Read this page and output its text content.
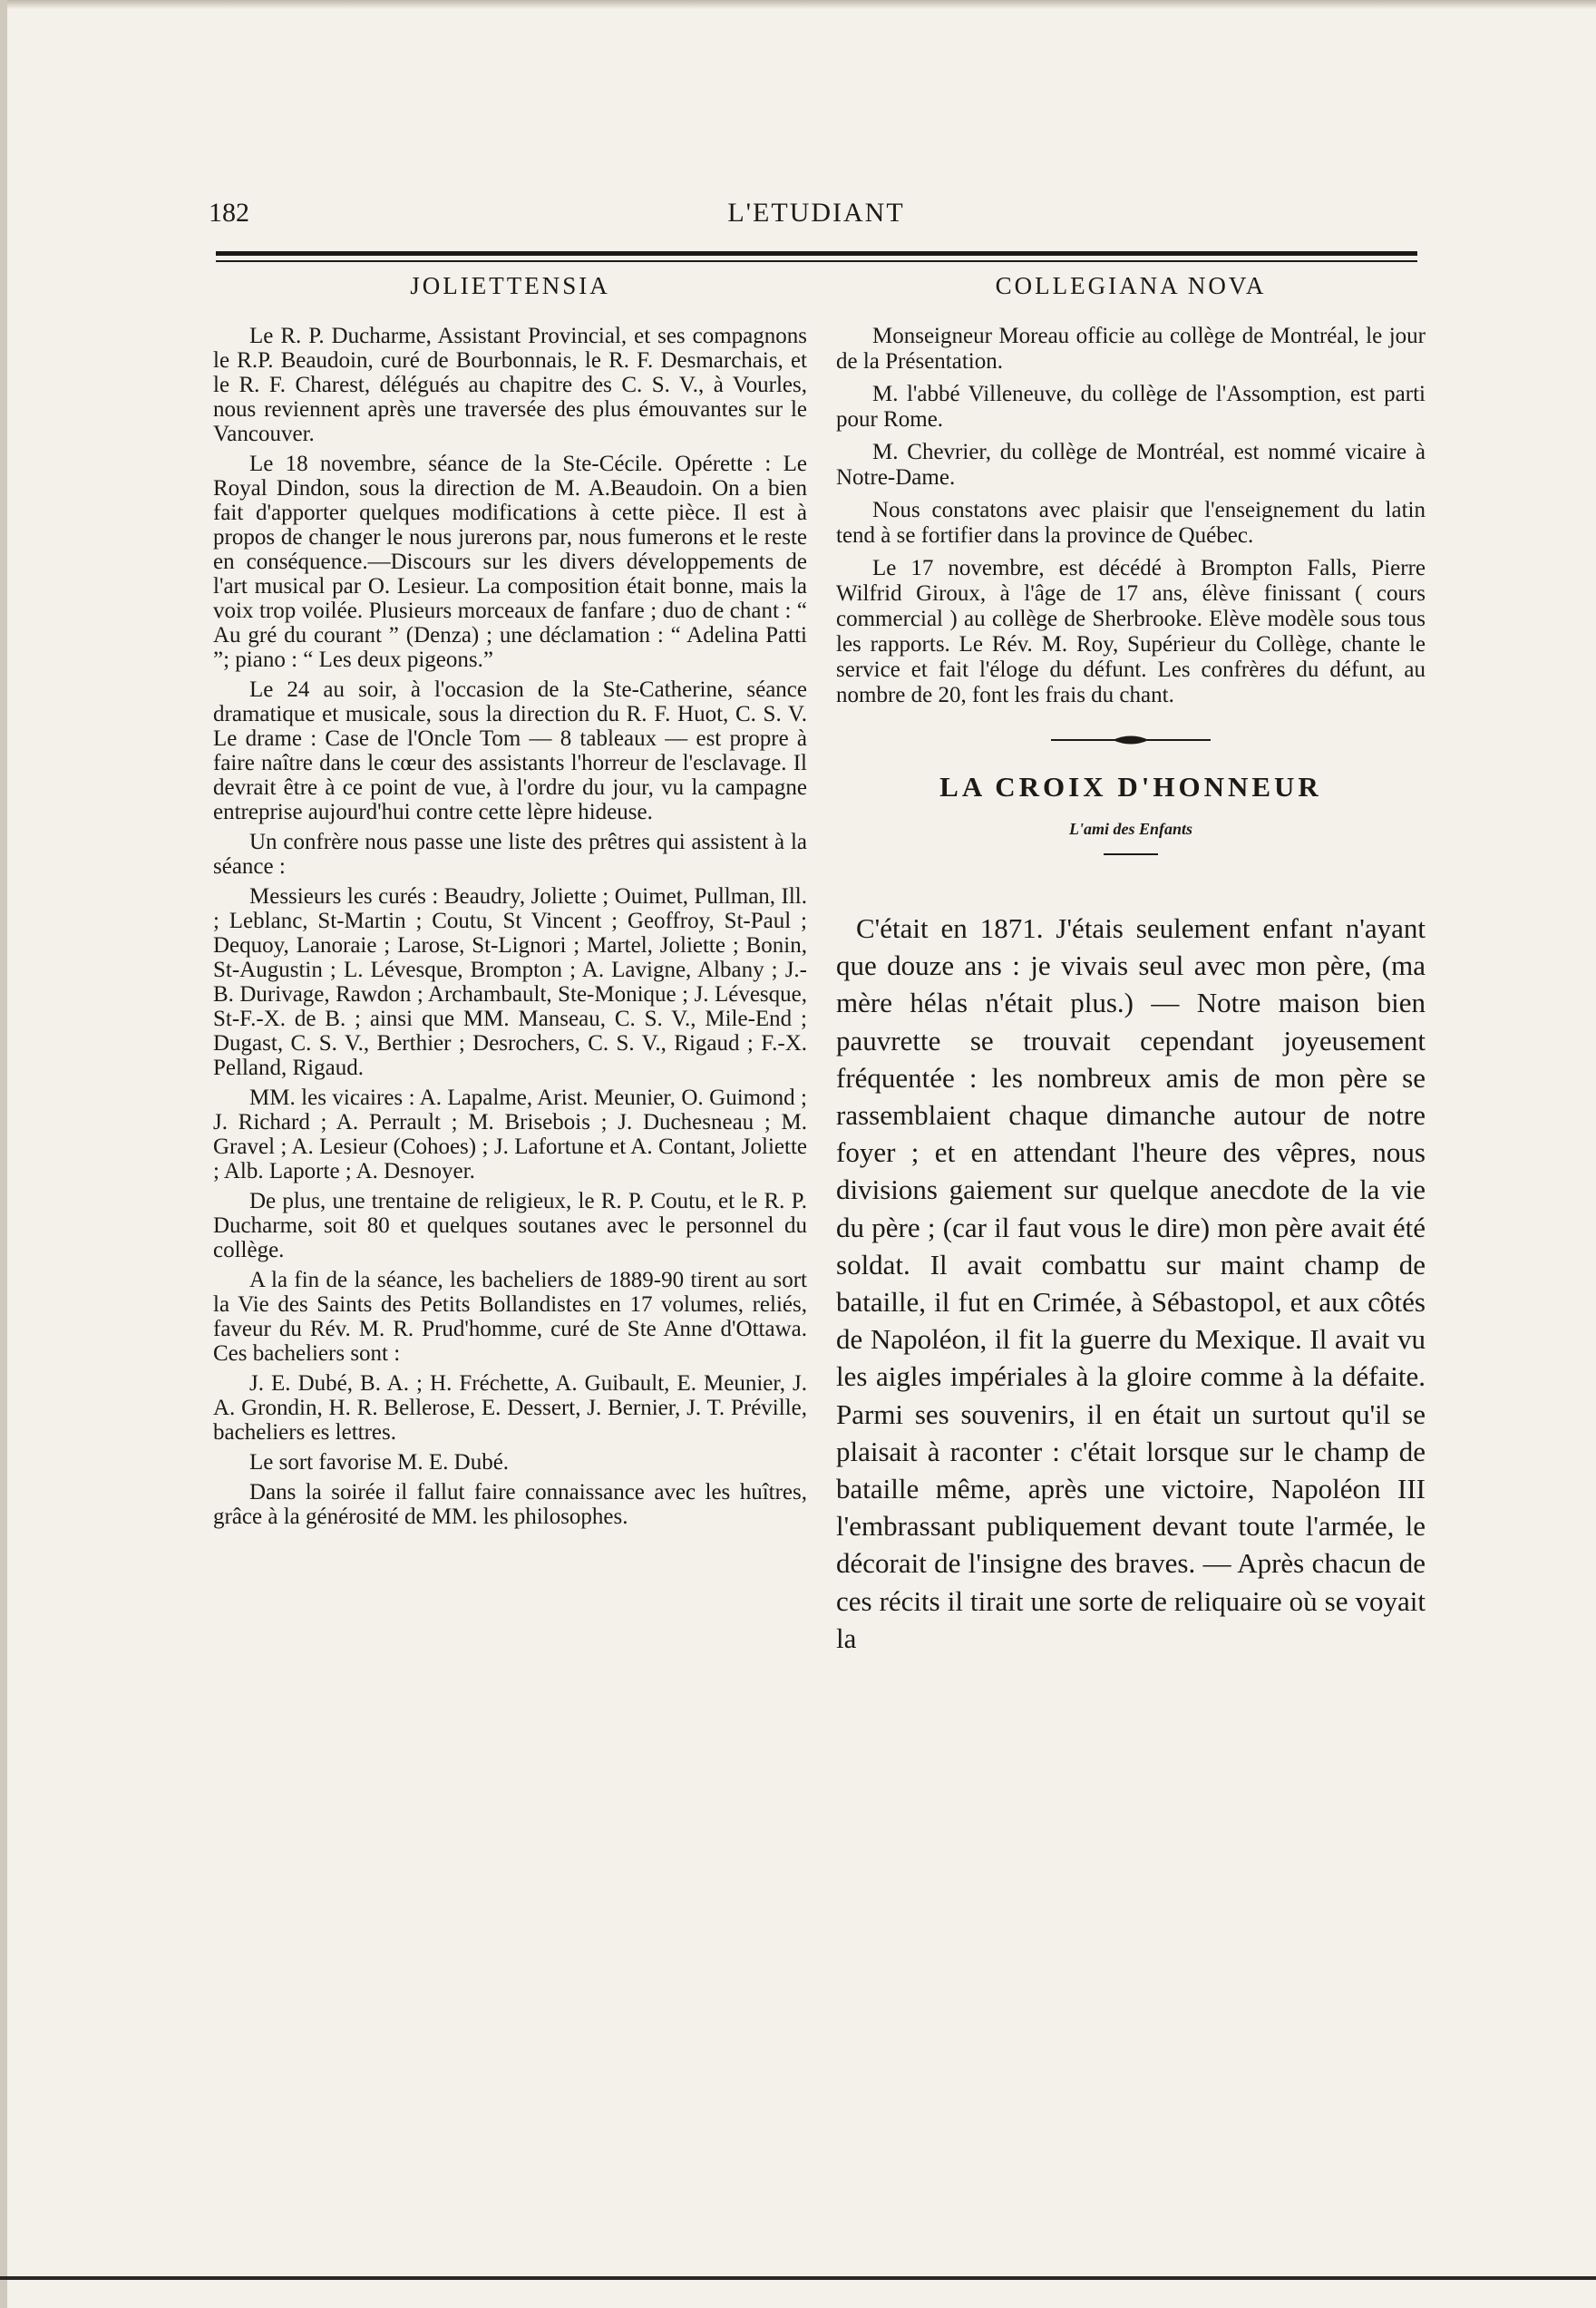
182	L'ETUDIANT
JOLIETTENSIA

Le R. P. Ducharme, Assistant Provincial, et ses compagnons le R.P. Beaudoin, curé de Bourbonnais, le R. F. Desmarchais, et le R. F. Charest, délégués au chapitre des C. S. V., à Vourles, nous reviennent après une traversée des plus émouvantes sur le Vancouver.

Le 18 novembre, séance de la Ste-Cécile. Opérette : Le Royal Dindon, sous la direction de M. A.Beaudoin. On a bien fait d'apporter quelques modifications à cette pièce. Il est à propos de changer le nous jurerons par, nous fumerons et le reste en conséquence.—Discours sur les divers développements de l'art musical par O. Lesieur. La composition était bonne, mais la voix trop voilée. Plusieurs morceaux de fanfare ; duo de chant : “ Au gré du courant ” (Denza) ; une déclamation : “ Adelina Patti ”; piano : “ Les deux pigeons.”

Le 24 au soir, à l'occasion de la Ste-Catherine, séance dramatique et musicale, sous la direction du R. F. Huot, C. S. V. Le drame : Case de l'Oncle Tom — 8 tableaux — est propre à faire naître dans le cœur des assistants l'horreur de l'esclavage. Il devrait être à ce point de vue, à l'ordre du jour, vu la campagne entreprise aujourd'hui contre cette lèpre hideuse.

Un confrère nous passe une liste des prêtres qui assistent à la séance :

Messieurs les curés : Beaudry, Joliette ; Ouimet, Pullman, Ill. ; Leblanc, St-Martin ; Coutu, St Vincent ; Geoffroy, St-Paul ; Dequoy, Lanoraie ; Larose, St-Lignori ; Martel, Joliette ; Bonin, St-Augustin ; L. Lévesque, Brompton ; A. Lavigne, Albany ; J.-B. Durivage, Rawdon ; Archambault, Ste-Monique ; J. Lévesque, St-F.-X. de B. ; ainsi que MM. Manseau, C. S. V., Mile-End ; Dugast, C. S. V., Berthier ; Desrochers, C. S. V., Rigaud ; F.-X. Pelland, Rigaud.

MM. les vicaires : A. Lapalme, Arist. Meunier, O. Guimond ; J. Richard ; A. Perrault ; M. Brisebois ; J. Duchesneau ; M. Gravel ; A. Lesieur (Cohoes) ; J. Lafortune et A. Contant, Joliette ; Alb. Laporte ; A. Desnoyer.

De plus, une trentaine de religieux, le R. P. Coutu, et le R. P. Ducharme, soit 80 et quelques soutanes avec le personnel du collège.

A la fin de la séance, les bacheliers de 1889-90 tirent au sort la Vie des Saints des Petits Bollandistes en 17 volumes, reliés, faveur du Rév. M. R. Prud'homme, curé de Ste Anne d'Ottawa. Ces bacheliers sont :

J. E. Dubé, B. A. ; H. Fréchette, A. Guibault, E. Meunier, J. A. Grondin, H. R. Bellerose, E. Dessert, J. Bernier, J. T. Préville, bacheliers es lettres.

Le sort favorise M. E. Dubé.

Dans la soirée il fallut faire connaissance avec les huîtres, grâce à la générosité de MM. les philosophes.

COLLEGIANA NOVA

Monseigneur Moreau officie au collège de Montréal, le jour de la Présentation.

M. l'abbé Villeneuve, du collège de l'Assomption, est parti pour Rome.

M. Chevrier, du collège de Montréal, est nommé vicaire à Notre-Dame.

Nous constatons avec plaisir que l'enseignement du latin tend à se fortifier dans la province de Québec.

Le 17 novembre, est décédé à Brompton Falls, Pierre Wilfrid Giroux, à l'âge de 17 ans, élève finissant ( cours commercial ) au collège de Sherbrooke. Elève modèle sous tous les rapports. Le Rév. M. Roy, Supérieur du Collège, chante le service et fait l'éloge du défunt. Les confrères du défunt, au nombre de 20, font les frais du chant.

LA CROIX D'HONNEUR
L'ami des Enfants

C'était en 1871. J'étais seulement enfant n'ayant que douze ans : je vivais seul avec mon père, (ma mère hélas n'était plus.) — Notre maison bien pauvrette se trouvait cependant joyeusement fréquentée : les nombreux amis de mon père se rassemblaient chaque dimanche autour de notre foyer ; et en attendant l'heure des vêpres, nous divisions gaiement sur quelque anecdote de la vie du père ; (car il faut vous le dire) mon père avait été soldat. Il avait combattu sur maint champ de bataille, il fut en Crimée, à Sébastopol, et aux côtés de Napoléon, il fit la guerre du Mexique. Il avait vu les aigles impériales à la gloire comme à la défaite. Parmi ses souvenirs, il en était un surtout qu'il se plaisait à raconter : c'était lorsque sur le champ de bataille même, après une victoire, Napoléon III l'embrassant publiquement devant toute l'armée, le décorait de l'insigne des braves. — Après chacun de ces récits il tirait une sorte de reliquaire où se voyait la
